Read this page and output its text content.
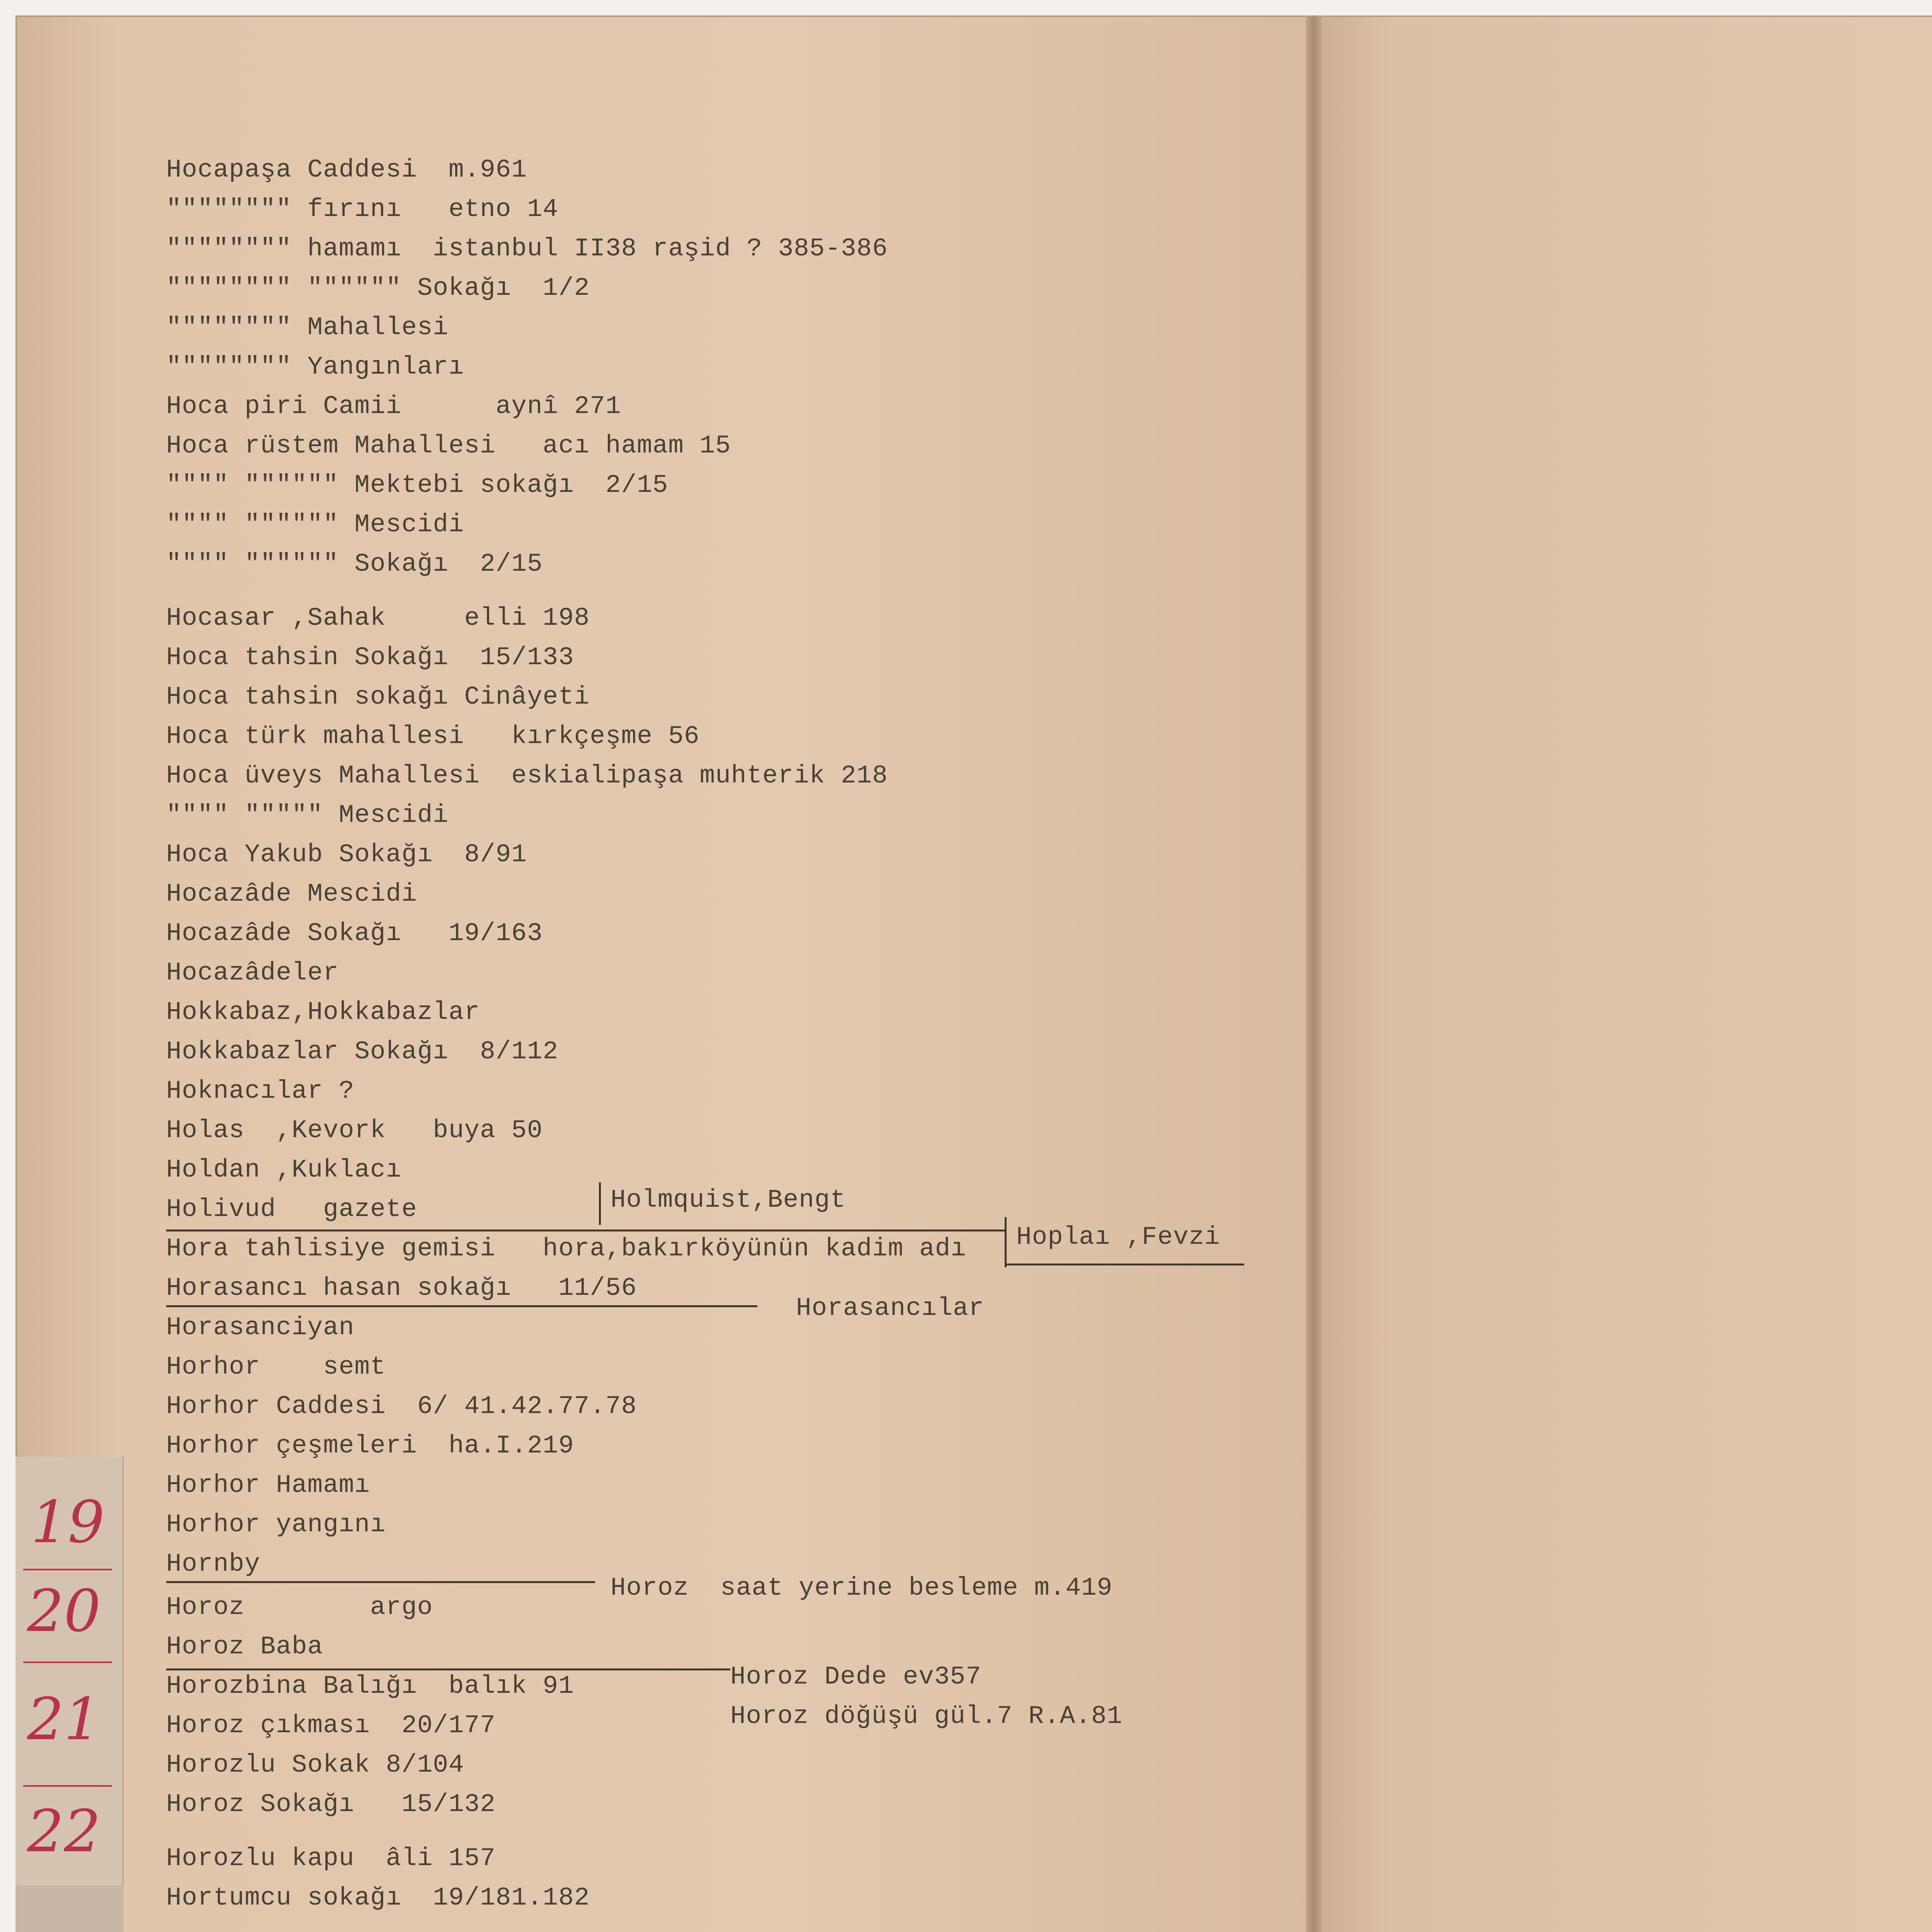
Hocapaşa Caddesi  m.961

"""""""" fırını   etno 14

"""""""" hamamı  istanbul II38 raşid ? 385-386

"""""""" """""" Sokağı  1/2

"""""""" Mahallesi

"""""""" Yangınları

Hoca piri Camii      aynî 271

Hoca rüstem Mahallesi   acı hamam 15

"""" """""" Mektebi sokağı  2/15

"""" """""" Mescidi

"""" """""" Sokağı  2/15

Hocasar ,Sahak     elli 198

Hoca tahsin Sokağı  15/133

Hoca tahsin sokağı Cinâyeti

Hoca türk mahallesi   kırkçeşme 56

Hoca üveys Mahallesi  eskialipaşa muhterik 218

"""" """"" Mescidi

Hoca Yakub Sokağı  8/91

Hocazâde Mescidi

Hocazâde Sokağı   19/163

Hocazâdeler

Hokkabaz,Hokkabazlar

Hokkabazlar Sokağı  8/112

Hoknacılar ?

Holas  ,Kevork   buya 50

Holdan ,Kuklacı

Holivud   gazete

Hora tahlisiye gemisi   hora,bakırköyünün kadim adı

Horasancı hasan sokağı   11/56

Horasanciyan

Horhor    semt

Horhor Caddesi  6/ 41.42.77.78

Horhor çeşmeleri  ha.I.219

Horhor Hamamı

Horhor yangını

Hornby

Horoz        argo

Horoz Baba

Horozbina Balığı  balık 91

Horoz çıkması  20/177

Horozlu Sokak 8/104

Horoz Sokağı   15/132

Horozlu kapu  âli 157

Hortumcu sokağı  19/181.182

Holmquist,Bengt

Hoplaı ,Fevzi

Horasancılar

Horoz  saat yerine besleme m.419

Horoz Dede ev357

Horoz döğüşü gül.7 R.A.81

19

20

21

22
